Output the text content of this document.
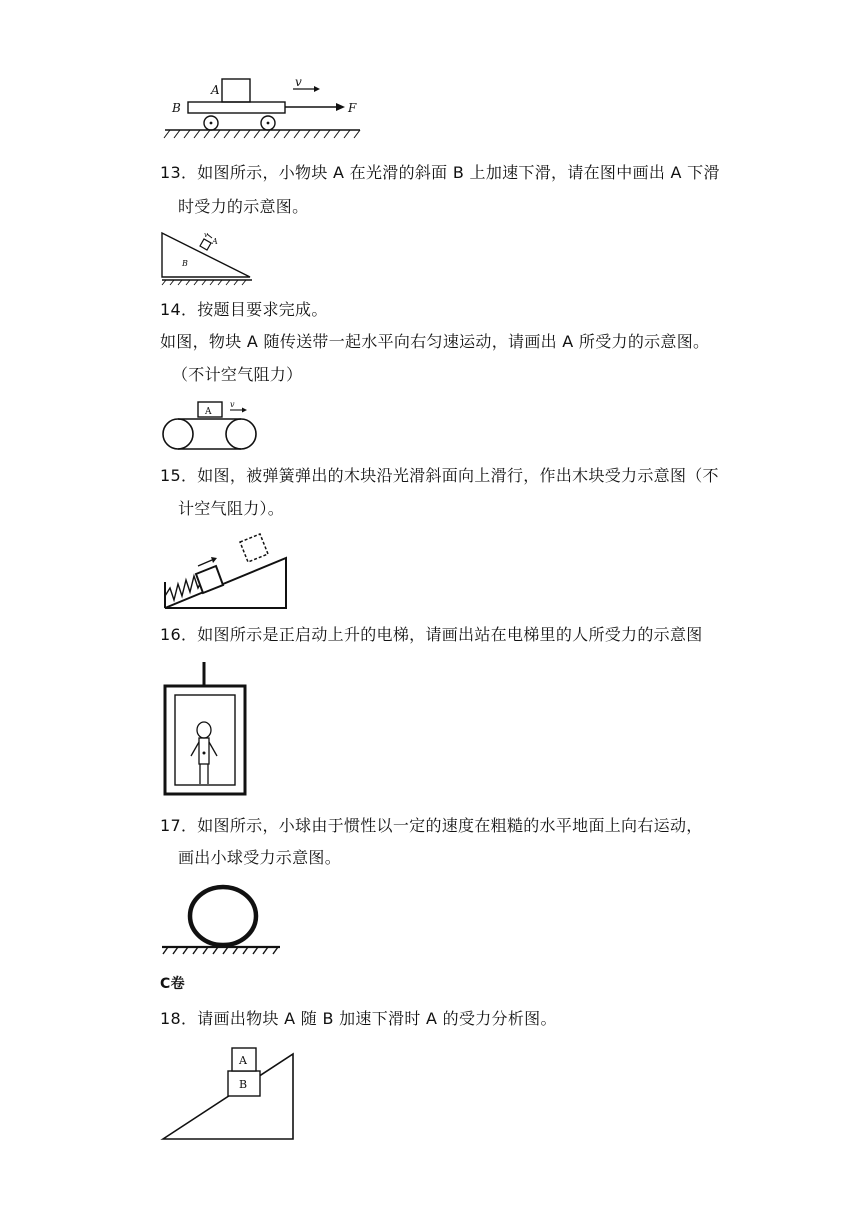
A
B
v
F
13．如图所示，小物块 A 在光滑的斜面 B 上加速下滑，请在图中画出 A 下滑
时受力的示意图。
A
B
v
14．按题目要求完成。
如图，物块 A 随传送带一起水平向右匀速运动，请画出 A 所受力的示意图。
（不计空气阻力）
A
v
15．如图，被弹簧弹出的木块沿光滑斜面向上滑行，作出木块受力示意图（不
计空气阻力）。
16．如图所示是正启动上升的电梯，请画出站在电梯里的人所受力的示意图
17．如图所示，小球由于惯性以一定的速度在粗糙的水平地面上向右运动，
画出小球受力示意图。
C卷
18．请画出物块 A 随 B 加速下滑时 A 的受力分析图。
A
B
